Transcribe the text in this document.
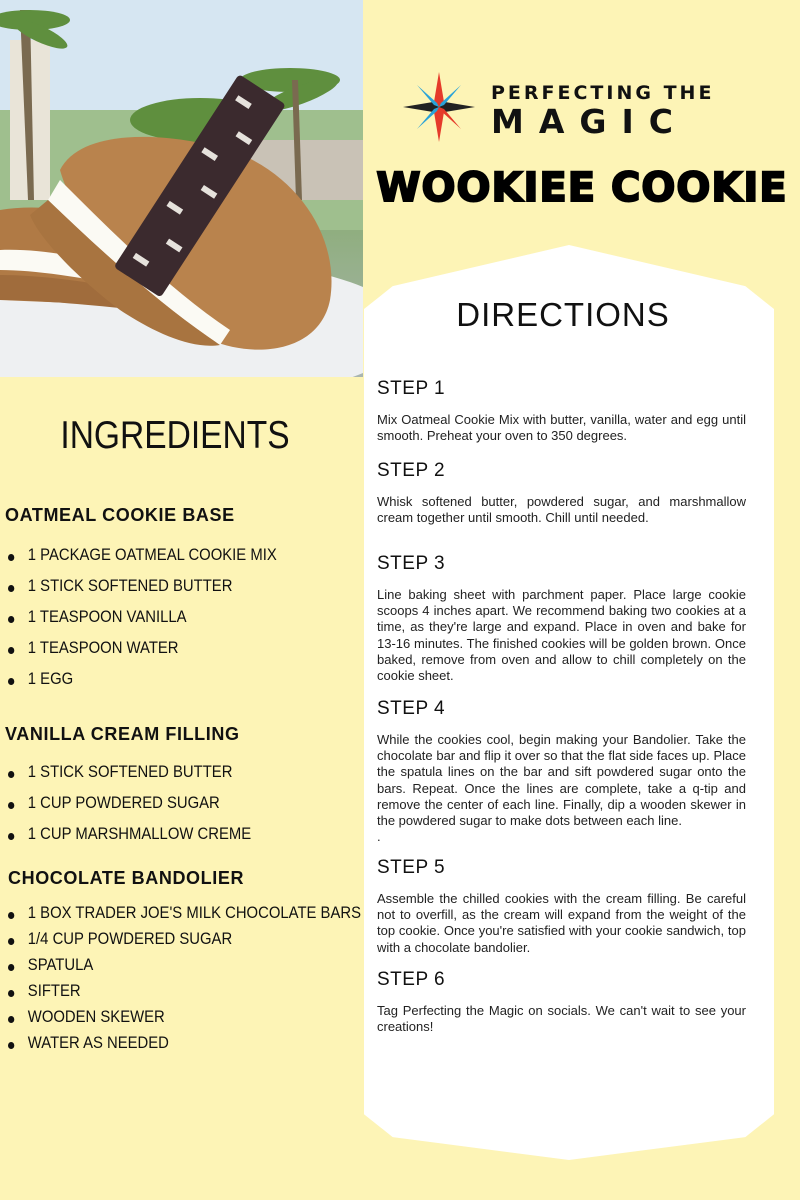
PERFECTING THE
MAGIC
WOOKIEE COOKIE
DIRECTIONS
STEP 1

Mix Oatmeal Cookie Mix with butter, vanilla, water and egg until smooth. Preheat your oven to 350 degrees.

STEP 2

Whisk softened butter, powdered sugar, and marshmallow cream together until smooth. Chill until needed.

STEP 3

Line baking sheet with parchment paper. Place large cookie scoops 4 inches apart. We recommend baking two cookies at a time, as they're large and expand. Place in oven and bake for 13-16 minutes. The finished cookies will be golden brown. Once baked, remove from oven and allow to chill completely on the cookie sheet.

STEP 4

While the cookies cool, begin making your Bandolier. Take the chocolate bar and flip it over so that the flat side faces up. Place the spatula lines on the bar and sift powdered sugar onto the bars. Repeat. Once the lines are complete, take a q-tip and remove the center of each line. Finally, dip a wooden skewer in the powdered sugar to make dots between each line.
.

STEP 5

Assemble the chilled cookies with the cream filling. Be careful not to overfill, as the cream will expand from the weight of the top cookie. Once you're satisfied with your cookie sandwich, top with a chocolate bandolier.

STEP 6

Tag Perfecting the Magic on socials. We can't wait to see your creations!

INGREDIENTS
OATMEAL COOKIE BASE
1 PACKAGE OATMEAL COOKIE MIX
1 STICK SOFTENED BUTTER
1 TEASPOON VANILLA
1 TEASPOON WATER
1 EGG
VANILLA CREAM FILLING
1 STICK SOFTENED BUTTER
1 CUP POWDERED SUGAR
1 CUP MARSHMALLOW CREME
CHOCOLATE BANDOLIER
1 BOX TRADER JOE'S MILK CHOCOLATE BARS
1/4 CUP POWDERED SUGAR
SPATULA
SIFTER
WOODEN SKEWER
WATER AS NEEDED
